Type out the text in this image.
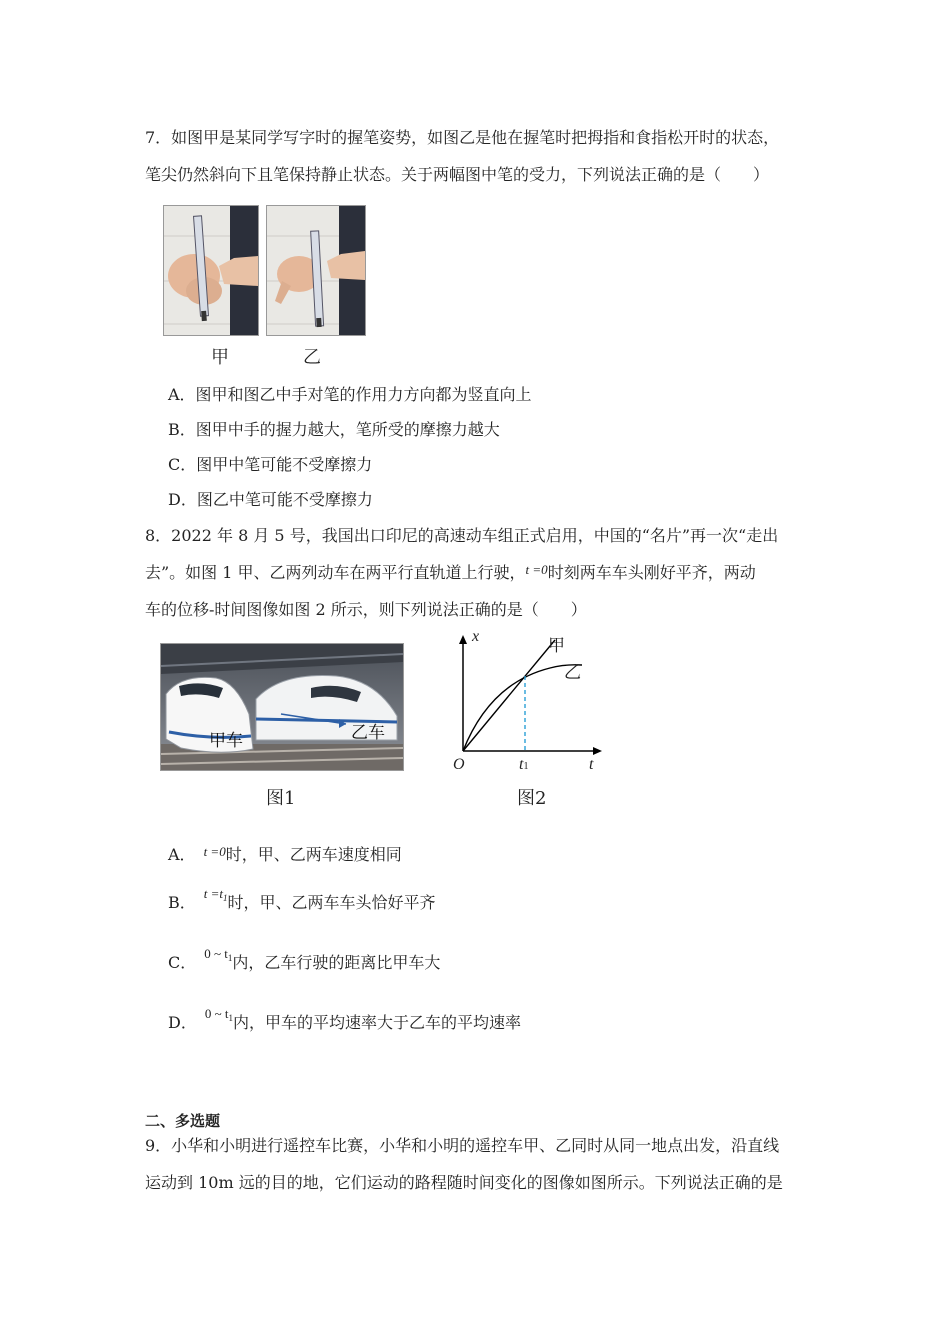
7．如图甲是某同学写字时的握笔姿势，如图乙是他在握笔时把拇指和食指松开时的状态，
笔尖仍然斜向下且笔保持静止状态。关于两幅图中笔的受力，下列说法正确的是（　　）
甲	乙
A．图甲和图乙中手对笔的作用力方向都为竖直向上
B．图甲中手的握力越大，笔所受的摩擦力越大
C．图甲中笔可能不受摩擦力
D．图乙中笔可能不受摩擦力
8．2022 年 8 月 5 号，我国出口印尼的高速动车组正式启用，中国的“名片”再一次“走出
去”。如图 1 甲、乙两列动车在两平行直轨道上行驶，$^{t =0}$时刻两车车头刚好平齐，两动
车的位移-时间图像如图 2 所示，则下列说法正确的是（　　）
甲车	乙车
图1
x
t
O	t1
甲
乙
图2
A． $^{t =0}$时，甲、乙两车速度相同
B． $^{t =t_1}$时，甲、乙两车车头恰好平齐
C． $^{0 \sim t_1}$内，乙车行驶的距离比甲车大
D． $^{0 \sim t_1}$内，甲车的平均速率大于乙车的平均速率
二、多选题
9．小华和小明进行遥控车比赛，小华和小明的遥控车甲、乙同时从同一地点出发，沿直线
运动到 10m 远的目的地，它们运动的路程随时间变化的图像如图所示。下列说法正确的是
